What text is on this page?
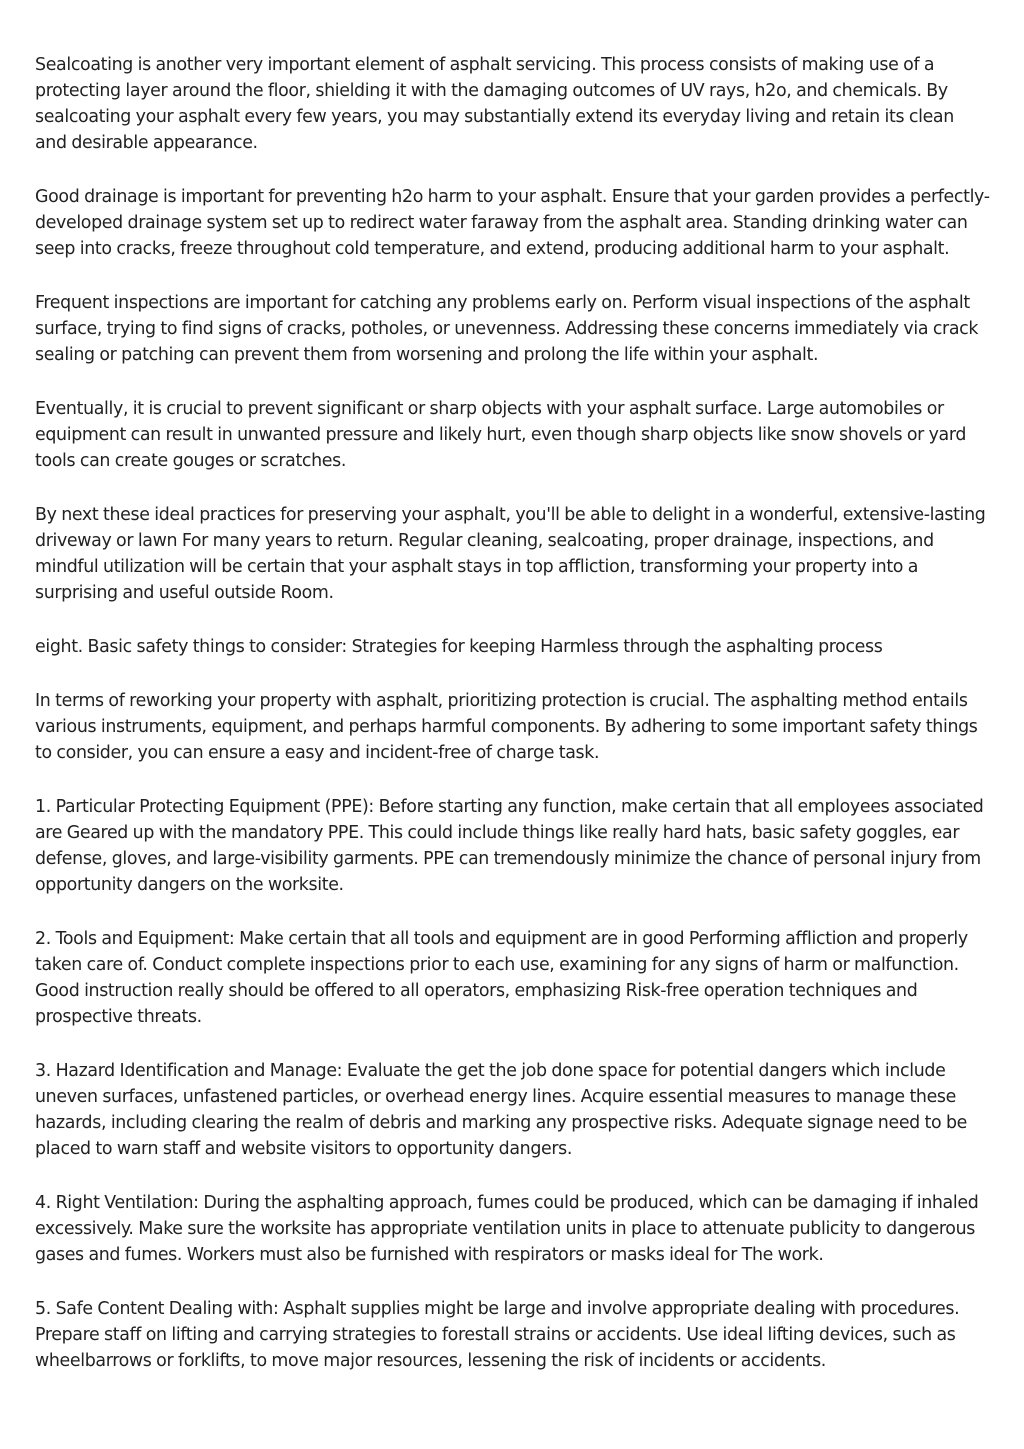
Sealcoating is another very important element of asphalt servicing. This process consists of making use of a protecting layer around the floor, shielding it with the damaging outcomes of UV rays, h2o, and chemicals. By sealcoating your asphalt every few years, you may substantially extend its everyday living and retain its clean and desirable appearance.

Good drainage is important for preventing h2o harm to your asphalt. Ensure that your garden provides a perfectly-developed drainage system set up to redirect water faraway from the asphalt area. Standing drinking water can seep into cracks, freeze throughout cold temperature, and extend, producing additional harm to your asphalt.

Frequent inspections are important for catching any problems early on. Perform visual inspections of the asphalt surface, trying to find signs of cracks, potholes, or unevenness. Addressing these concerns immediately via crack sealing or patching can prevent them from worsening and prolong the life within your asphalt.

Eventually, it is crucial to prevent significant or sharp objects with your asphalt surface. Large automobiles or equipment can result in unwanted pressure and likely hurt, even though sharp objects like snow shovels or yard tools can create gouges or scratches.

By next these ideal practices for preserving your asphalt, you'll be able to delight in a wonderful, extensive-lasting driveway or lawn For many years to return. Regular cleaning, sealcoating, proper drainage, inspections, and mindful utilization will be certain that your asphalt stays in top affliction, transforming your property into a surprising and useful outside Room.

eight. Basic safety things to consider: Strategies for keeping Harmless through the asphalting process

In terms of reworking your property with asphalt, prioritizing protection is crucial. The asphalting method entails various instruments, equipment, and perhaps harmful components. By adhering to some important safety things to consider, you can ensure a easy and incident-free of charge task.

1. Particular Protecting Equipment (PPE): Before starting any function, make certain that all employees associated are Geared up with the mandatory PPE. This could include things like really hard hats, basic safety goggles, ear defense, gloves, and large-visibility garments. PPE can tremendously minimize the chance of personal injury from opportunity dangers on the worksite.

2. Tools and Equipment: Make certain that all tools and equipment are in good Performing affliction and properly taken care of. Conduct complete inspections prior to each use, examining for any signs of harm or malfunction. Good instruction really should be offered to all operators, emphasizing Risk-free operation techniques and prospective threats.

3. Hazard Identification and Manage: Evaluate the get the job done space for potential dangers which include uneven surfaces, unfastened particles, or overhead energy lines. Acquire essential measures to manage these hazards, including clearing the realm of debris and marking any prospective risks. Adequate signage need to be placed to warn staff and website visitors to opportunity dangers.

4. Right Ventilation: During the asphalting approach, fumes could be produced, which can be damaging if inhaled excessively. Make sure the worksite has appropriate ventilation units in place to attenuate publicity to dangerous gases and fumes. Workers must also be furnished with respirators or masks ideal for The work.

5. Safe Content Dealing with: Asphalt supplies might be large and involve appropriate dealing with procedures. Prepare staff on lifting and carrying strategies to forestall strains or accidents. Use ideal lifting devices, such as wheelbarrows or forklifts, to move major resources, lessening the risk of incidents or accidents.
